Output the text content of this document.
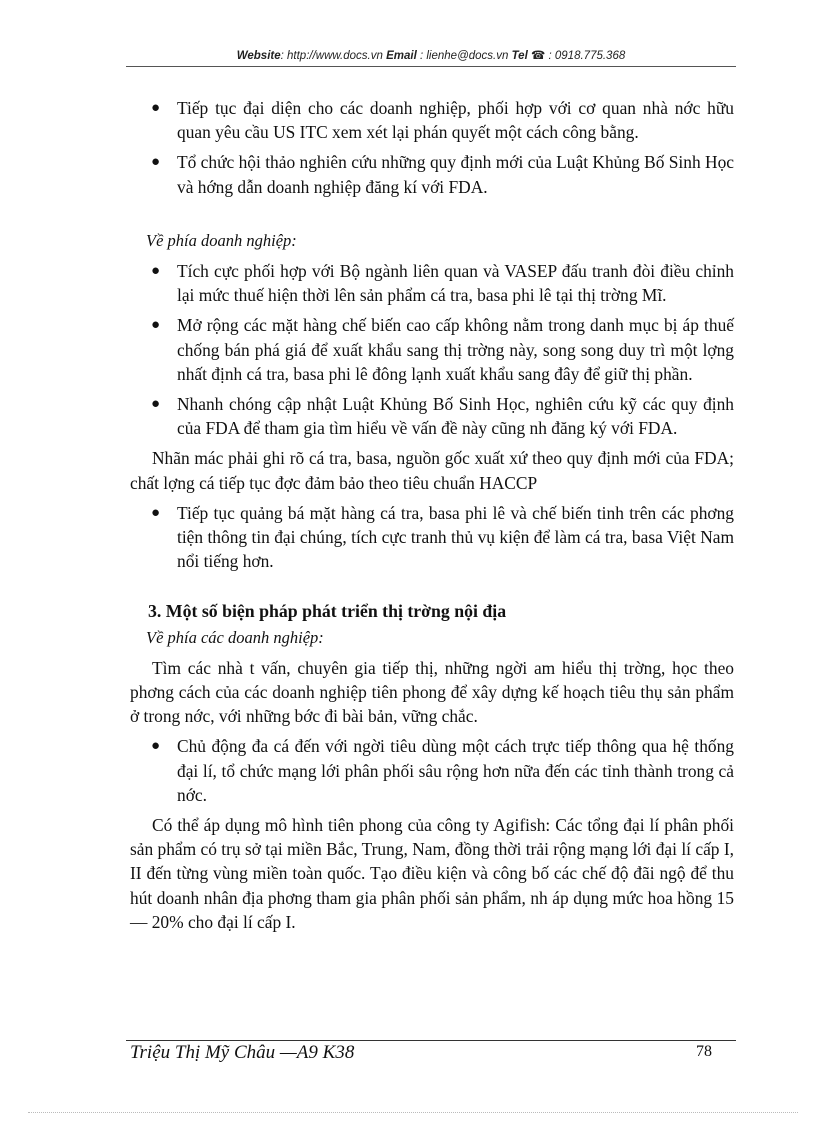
Website: http://www.docs.vn Email : lienhe@docs.vn Tel ☎ : 0918.775.368
● Tiếp tục đại diện cho các doanh nghiệp, phối hợp với cơ quan nhà nớc hữu quan yêu cầu US ITC xem xét lại phán quyết một cách công bằng.
● Tổ chức hội thảo nghiên cứu những quy định mới của Luật Khủng Bố Sinh Học và hớng dẫn doanh nghiệp đăng kí với FDA.
Về phía doanh nghiệp:
● Tích cực phối hợp với Bộ ngành liên quan và VASEP đấu tranh đòi điều chỉnh lại mức thuế hiện thời lên sản phẩm cá tra, basa phi lê tại thị trờng Mĩ.
● Mở rộng các mặt hàng chế biến cao cấp không nằm trong danh mục bị áp thuế chống bán phá giá để xuất khẩu sang thị trờng này, song song duy trì một lợng nhất định cá tra, basa phi lê đông lạnh xuất khẩu sang đây để giữ thị phần.
● Nhanh chóng cập nhật Luật Khủng Bố Sinh Học, nghiên cứu kỹ các quy định của FDA để tham gia tìm hiểu về vấn đề này cũng nh đăng ký với FDA.
Nhãn mác phải ghi rõ cá tra, basa, nguồn gốc xuất xứ theo quy định mới của FDA; chất lợng cá tiếp tục đợc đảm bảo theo tiêu chuẩn HACCP
● Tiếp tục quảng bá mặt hàng cá tra, basa phi lê và chế biến tinh trên các phơng tiện thông tin đại chúng, tích cực tranh thủ vụ kiện để làm cá tra, basa Việt Nam nổi tiếng hơn.
3. Một số biện pháp phát triển thị trờng nội địa
Về phía các doanh nghiệp:
Tìm các nhà t vấn, chuyên gia tiếp thị, những ngời am hiểu thị trờng, học theo phơng cách của các doanh nghiệp tiên phong để xây dựng kế hoạch tiêu thụ sản phẩm ở trong nớc, với những bớc đi bài bản, vững chắc.
● Chủ động đa cá đến với ngời tiêu dùng một cách trực tiếp thông qua hệ thống đại lí, tổ chức mạng lới phân phối sâu rộng hơn nữa đến các tỉnh thành trong cả nớc.
Có thể áp dụng mô hình tiên phong của công ty Agifish: Các tổng đại lí phân phối sản phẩm có trụ sở tại miền Bắc, Trung, Nam, đồng thời trải rộng mạng lới đại lí cấp I, II đến từng vùng miền toàn quốc. Tạo điều kiện và công bố các chế độ đãi ngộ để thu hút doanh nhân địa phơng tham gia phân phối sản phẩm, nh áp dụng mức hoa hồng 15 — 20% cho đại lí cấp I.
Triệu Thị Mỹ Châu —A9 K38	78
